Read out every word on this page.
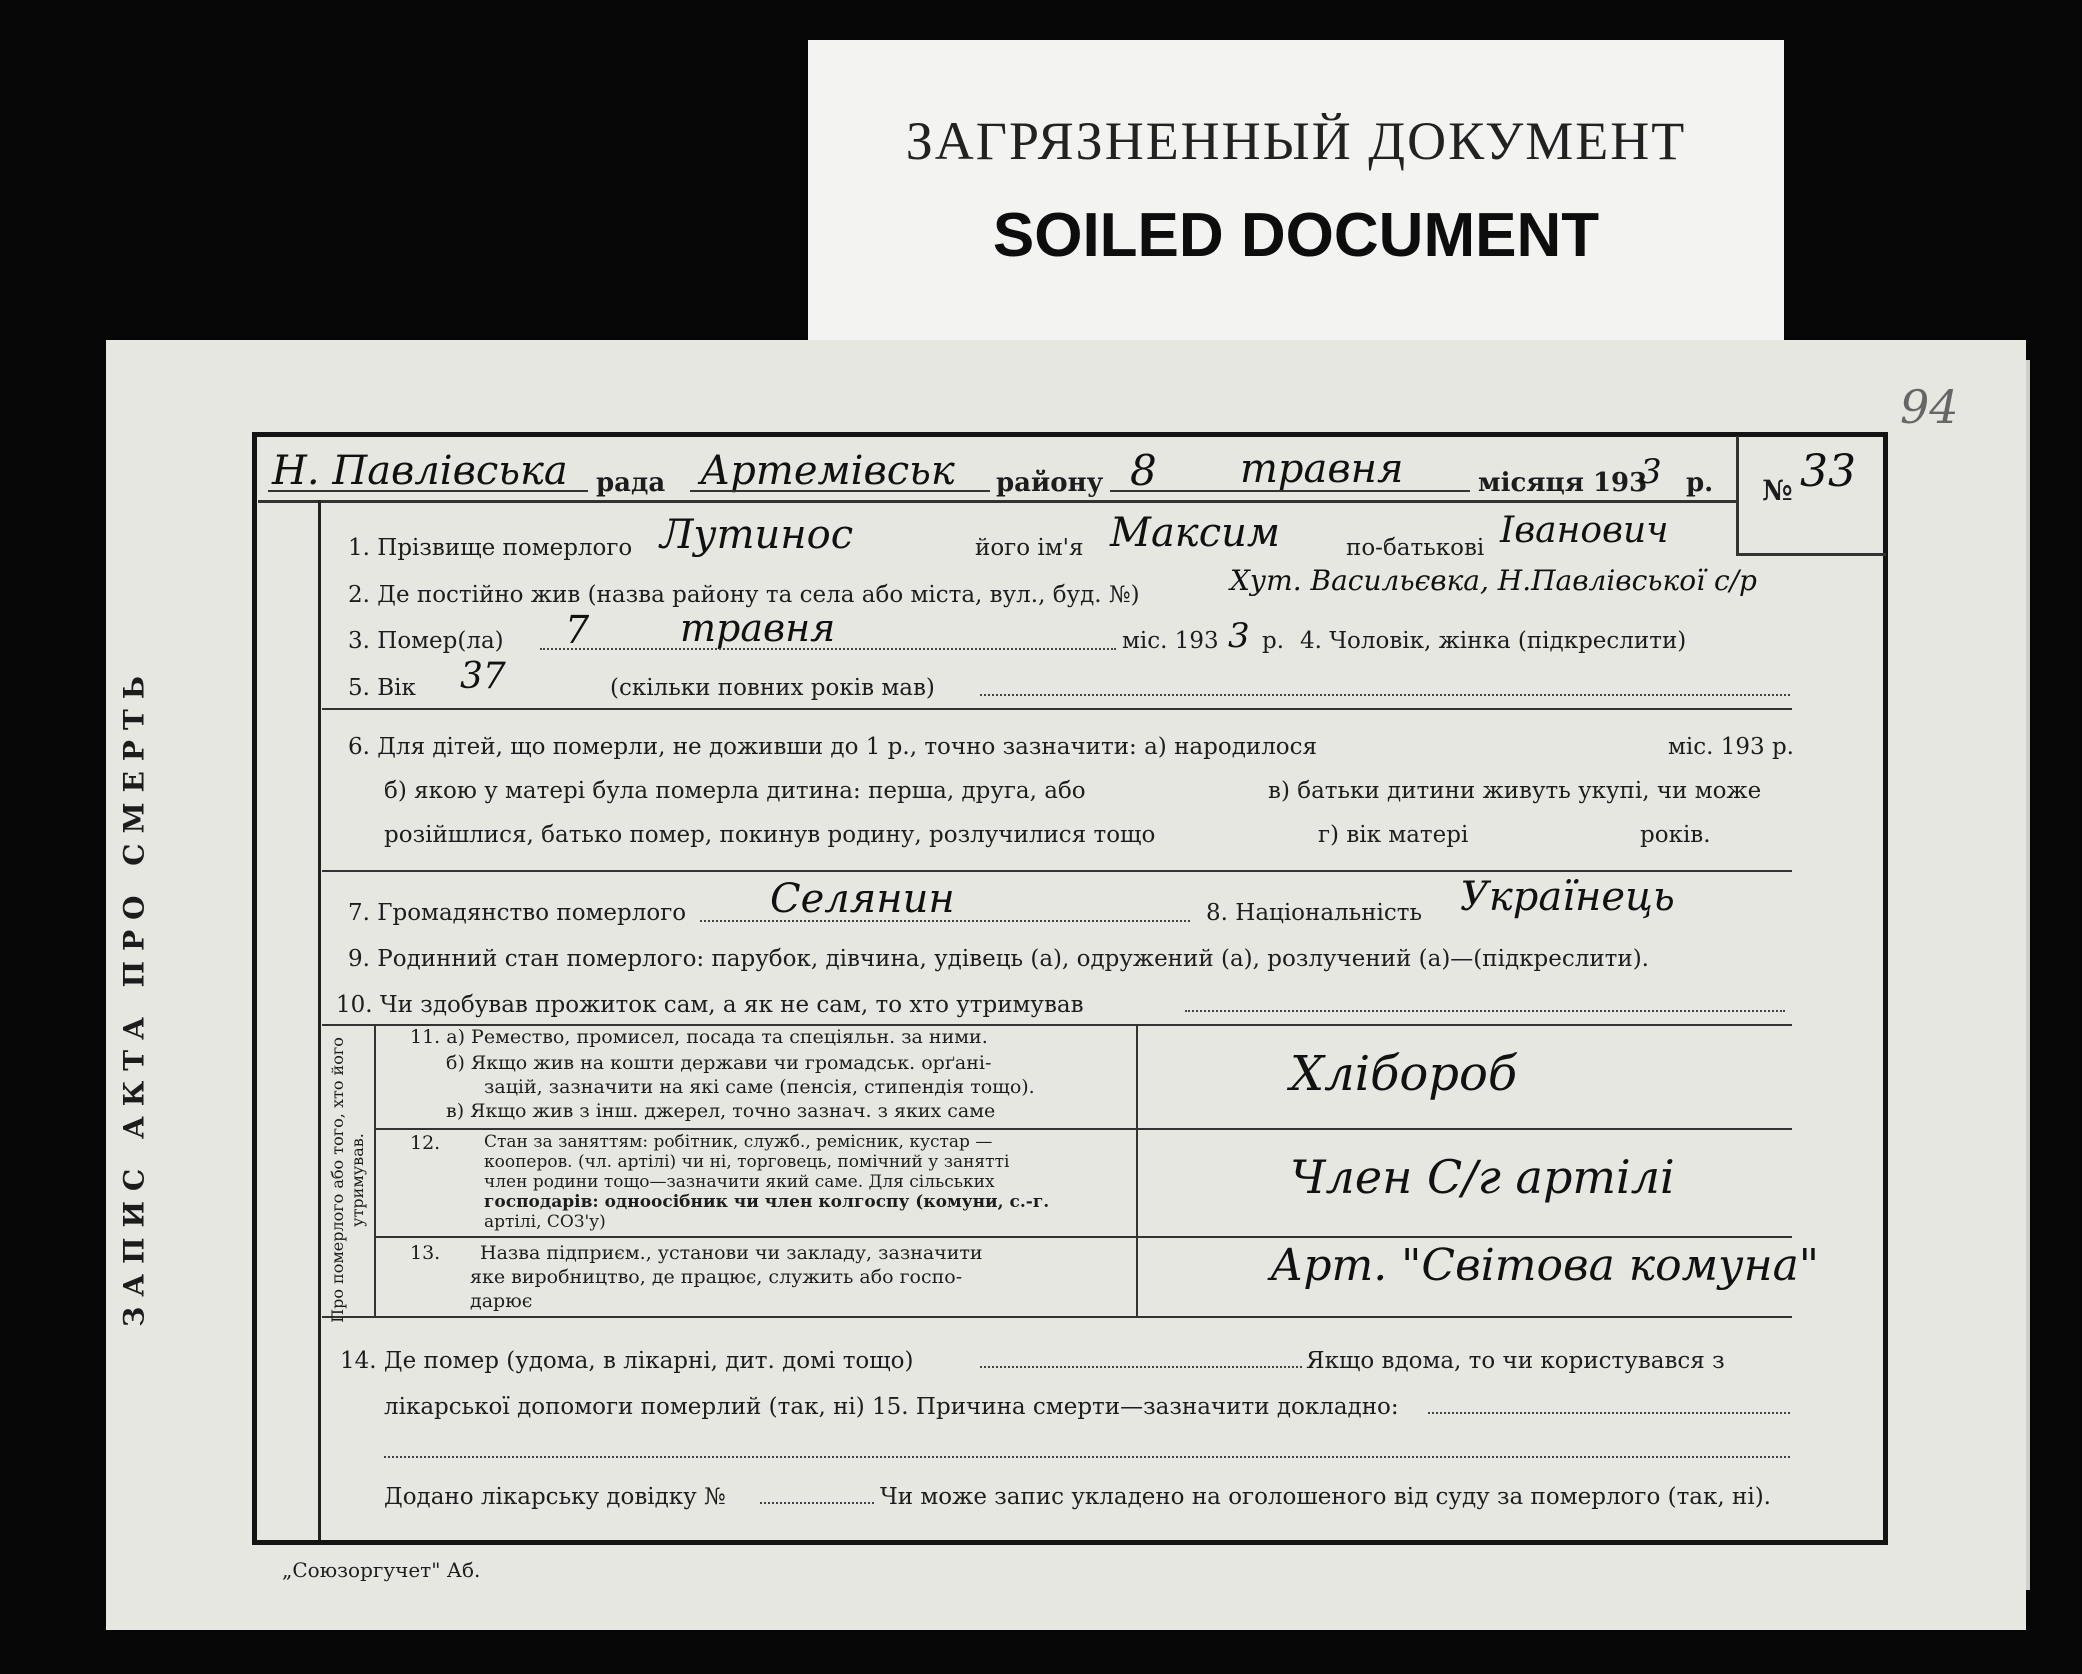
ЗАГРЯЗНЕННЫЙ ДОКУМЕНТ
SOILED DOCUMENT
94
ЗАПИС АКТА ПРО СМЕРТЬ
Н. Павлівська рада Артемівськ району 8 травня	місяця 193
3 р. № 33
1. Прізвище померлого Лутинос	його ім'я Максим	по-батькові Іванович
2. Де постійно жив (назва району та села або міста, вул., буд. №)	Хут. Васильєвка, Н.Павлівської с/р
3. Помер(ла) 7 травня	міс. 193 3 р. 4. Чоловік, жінка (підкреслити)
5. Вік 37	(скільки повних років мав)
6. Для дітей, що померли, не доживши до 1 р., точно зазначити: а) народилося	міс. 193 р.
б) якою у матері була померла дитина: перша, друга, або	в) батьки дитини живуть укупі, чи може
розійшлися, батько помер, покинув родину, розлучилися тощо	г) вік матері	років.
7. Громадянство померлого Селянин	8. Національність Українець
9. Родинний стан померлого: парубок, дівчина, удівець (а), одружений (а), розлучений (а)—(підкреслити).
10. Чи здобував прожиток сам, а як не сам, то хто утримував
Про померлого або того, хто його утримував.
11. а) Ремество, промисел, посада та спеціяльн. за ними.
б) Якщо жив на кошти держави чи громадськ. орґані-
зацій, зазначити на які саме (пенсія, стипендія тощо).
в) Якщо жив з інш. джерел, точно зазнач. з яких саме
Хлібороб
12.	Стан за заняттям: робітник, служб., ремісник, кустар —
кооперов. (чл. артілі) чи ні, торговець, помічний у занятті
член родини тощо—зазначити який саме. Для сільських
господарів: одноосібник чи член колгоспу (комуни, с.-г.
артілі, СОЗ'у)
Член С/г артілі
13. Назва підприєм., установи чи закладу, зазначити
яке виробництво, де працює, служить або госпо-
дарює
Арт. "Світова комуна"
14. Де помер (удома, в лікарні, дит. домі тощо)	Якщо вдома, то чи користувався з
лікарської допомоги померлий (так, ні) 15. Причина смерти—зазначити докладно:
Додано лікарську довідку №	Чи може запис укладено на оголошеного від суду за померлого (так, ні).
„Союзоргучет" Аб.
